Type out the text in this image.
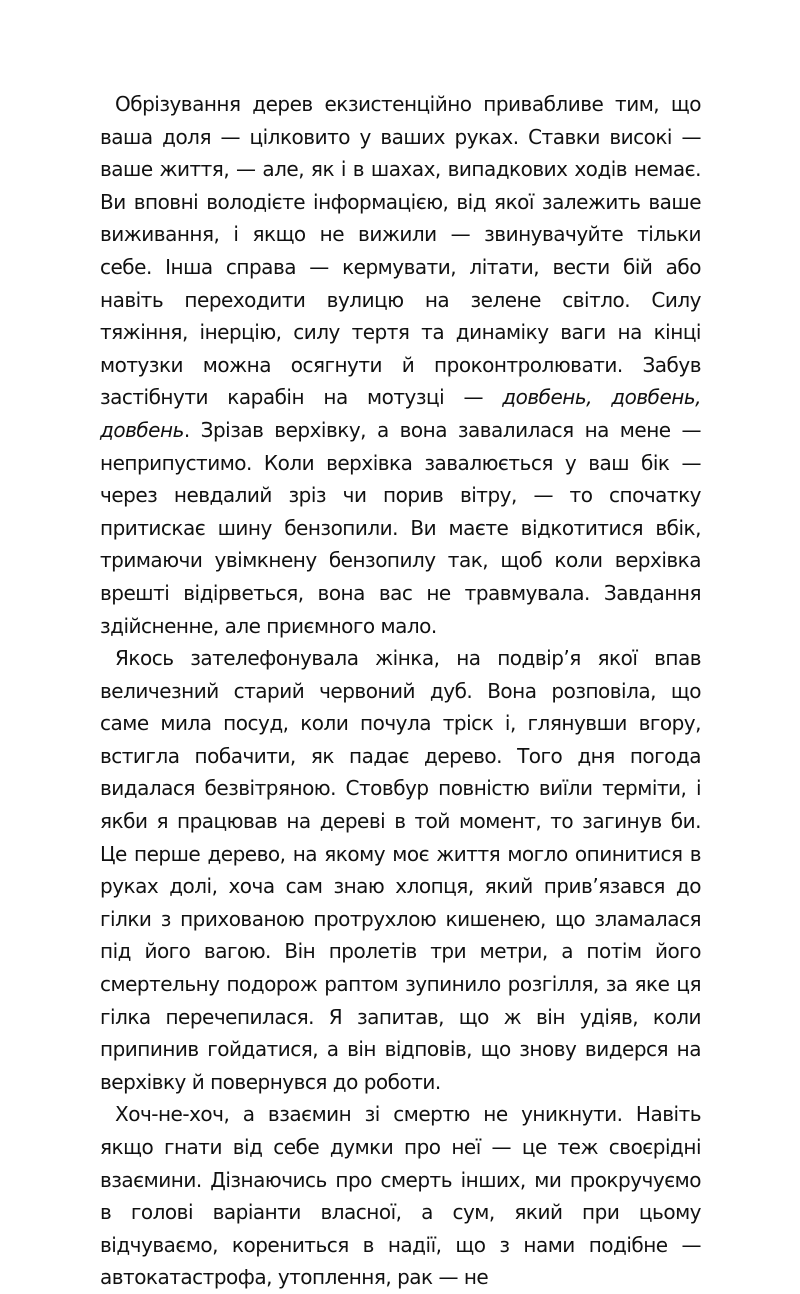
Обрізування дерев екзистенційно привабливе тим, що ваша доля — цілковито у ваших руках. Ставки високі — ваше життя, — але, як і в шахах, випадкових ходів немає. Ви вповні володієте інформацією, від якої залежить ваше виживання, і якщо не вижили — звинувачуйте тільки себе. Інша справа — кермувати, літати, вести бій або навіть переходити вулицю на зелене світло. Силу тяжіння, інерцію, силу тертя та динаміку ваги на кінці мотузки можна осягнути й проконтролювати. Забув застібнути карабін на мотузці — довбень, довбень, довбень. Зрізав верхівку, а вона завалилася на мене — неприпустимо. Коли верхівка завалюється у ваш бік — через невдалий зріз чи порив вітру, — то спочатку притискає шину бензопили. Ви маєте відкотитися вбік, тримаючи увімкнену бензопилу так, щоб коли верхівка врешті відірветься, вона вас не травмувала. Завдання здійсненне, але приємного мало.

Якось зателефонувала жінка, на подвір’я якої впав величезний старий червоний дуб. Вона розповіла, що саме мила посуд, коли почула тріск і, глянувши вгору, встигла побачити, як падає дерево. Того дня погода видалася безвітряною. Стовбур повністю виїли терміти, і якби я працював на дереві в той момент, то загинув би. Це перше дерево, на якому моє життя могло опинитися в руках долі, хоча сам знаю хлопця, який прив’язався до гілки з прихованою протрухлою кишенею, що зламалася під його вагою. Він пролетів три метри, а потім його смертельну подорож раптом зупинило розгілля, за яке ця гілка перечепилася. Я запитав, що ж він удіяв, коли припинив гойдатися, а він відповів, що знову видерся на верхівку й повернувся до роботи.

Хоч-не-хоч, а взаємин зі смертю не уникнути. Навіть якщо гнати від себе думки про неї — це теж своєрідні взаємини. Дізнаючись про смерть інших, ми прокручуємо в голові варіанти власної, а сум, який при цьому відчуваємо, корениться в надії, що з нами подібне — автокатастрофа, утоплення, рак — не
